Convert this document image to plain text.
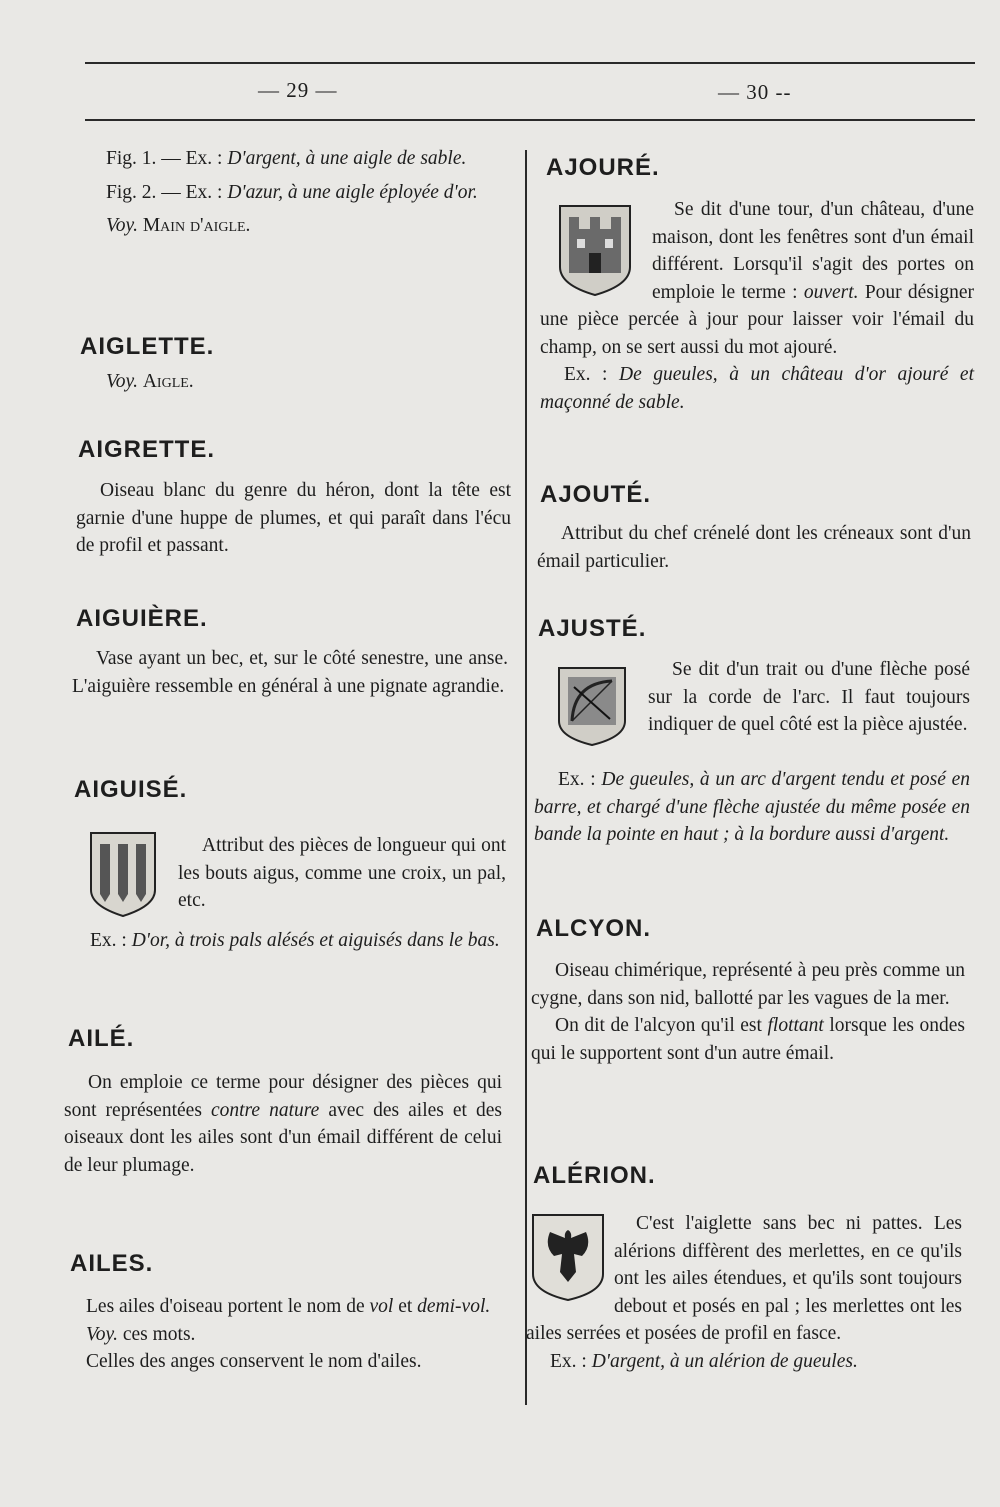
— 29 —	— 30 --

Fig. 1. — Ex. : D'argent, à une aigle de sable.

Fig. 2. — Ex. : D'azur, à une aigle éployée d'or.

Voy. Main d'aigle.

AIGLETTE.

Voy. Aigle.

AIGRETTE.

Oiseau blanc du genre du héron, dont la tête est garnie d'une huppe de plumes, et qui paraît dans l'écu de profil et passant.

AIGUIÈRE.

Vase ayant un bec, et, sur le côté senestre, une anse. L'aiguière ressemble en général à une pignate agrandie.

AIGUISÉ.

Attribut des pièces de longueur qui ont les bouts aigus, comme une croix, un pal, etc.

Ex. : D'or, à trois pals alésés et aiguisés dans le bas.

AILÉ.

On emploie ce terme pour désigner des pièces qui sont représentées contre nature avec des ailes et des oiseaux dont les ailes sont d'un émail différent de celui de leur plumage.

AILES.

Les ailes d'oiseau portent le nom de vol et demi-vol.

Voy. ces mots.

Celles des anges conservent le nom d'ailes.

AJOURÉ.

Se dit d'une tour, d'un château, d'une maison, dont les fenêtres sont d'un émail différent. Lorsqu'il s'agit des portes on emploie le terme : ouvert. Pour désigner une pièce percée à jour pour laisser voir l'émail du champ, on se sert aussi du mot ajouré.

Ex. : De gueules, à un château d'or ajouré et maçonné de sable.

AJOUTÉ.

Attribut du chef crénelé dont les créneaux sont d'un émail particulier.

AJUSTÉ.

Se dit d'un trait ou d'une flèche posé sur la corde de l'arc. Il faut toujours indiquer de quel côté est la pièce ajustée.

Ex. : De gueules, à un arc d'argent tendu et posé en barre, et chargé d'une flèche ajustée du même posée en bande la pointe en haut ; à la bordure aussi d'argent.

ALCYON.

Oiseau chimérique, représenté à peu près comme un cygne, dans son nid, ballotté par les vagues de la mer.

On dit de l'alcyon qu'il est flottant lorsque les ondes qui le supportent sont d'un autre émail.

ALÉRION.

C'est l'aiglette sans bec ni pattes. Les alérions diffèrent des merlettes, en ce qu'ils ont les ailes étendues, et qu'ils sont toujours debout et posés en pal ; les merlettes ont les ailes serrées et posées de profil en fasce.

Ex. : D'argent, à un alérion de gueules.
